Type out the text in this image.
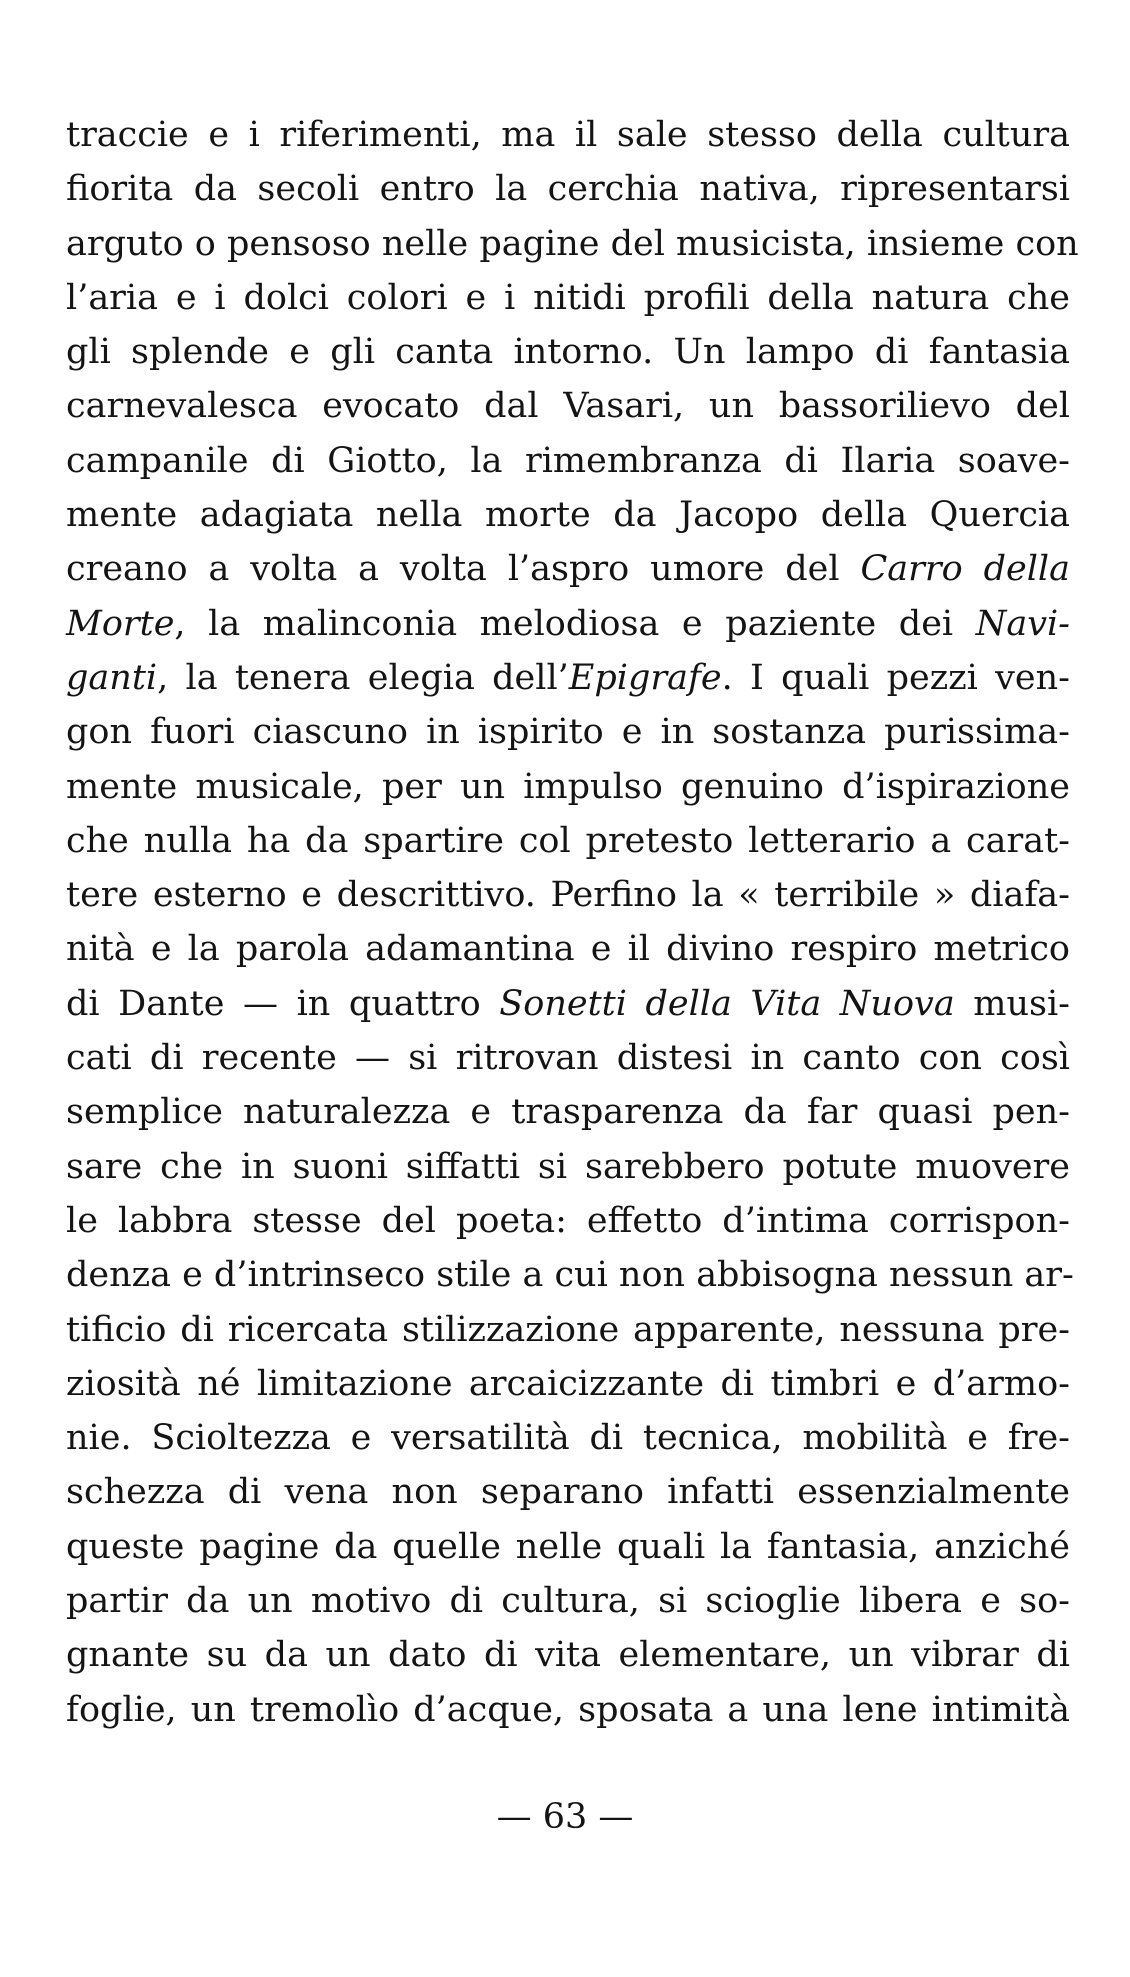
traccie e i riferimenti, ma il sale stesso della cultura
fiorita da secoli entro la cerchia nativa, ripresentarsi
arguto o pensoso nelle pagine del musicista, insieme con
l’aria e i dolci colori e i nitidi profili della natura che
gli splende e gli canta intorno. Un lampo di fantasia
carnevalesca evocato dal Vasari, un bassorilievo del
campanile di Giotto, la rimembranza di Ilaria soave-
mente adagiata nella morte da Jacopo della Quercia
creano a volta a volta l’aspro umore del Carro della
Morte, la malinconia melodiosa e paziente dei Navi-
ganti, la tenera elegia dell’Epigrafe. I quali pezzi ven-
gon fuori ciascuno in ispirito e in sostanza purissima-
mente musicale, per un impulso genuino d’ispirazione
che nulla ha da spartire col pretesto letterario a carat-
tere esterno e descrittivo. Perfino la « terribile » diafa-
nità e la parola adamantina e il divino respiro metrico
di Dante — in quattro Sonetti della Vita Nuova musi-
cati di recente — si ritrovan distesi in canto con così
semplice naturalezza e trasparenza da far quasi pen-
sare che in suoni siffatti si sarebbero potute muovere
le labbra stesse del poeta: effetto d’intima corrispon-
denza e d’intrinseco stile a cui non abbisogna nessun ar-
tificio di ricercata stilizzazione apparente, nessuna pre-
ziosità né limitazione arcaicizzante di timbri e d’armo-
nie. Scioltezza e versatilità di tecnica, mobilità e fre-
schezza di vena non separano infatti essenzialmente
queste pagine da quelle nelle quali la fantasia, anziché
partir da un motivo di cultura, si scioglie libera e so-
gnante su da un dato di vita elementare, un vibrar di
foglie, un tremolìo d’acque, sposata a una lene intimità
— 63 —
